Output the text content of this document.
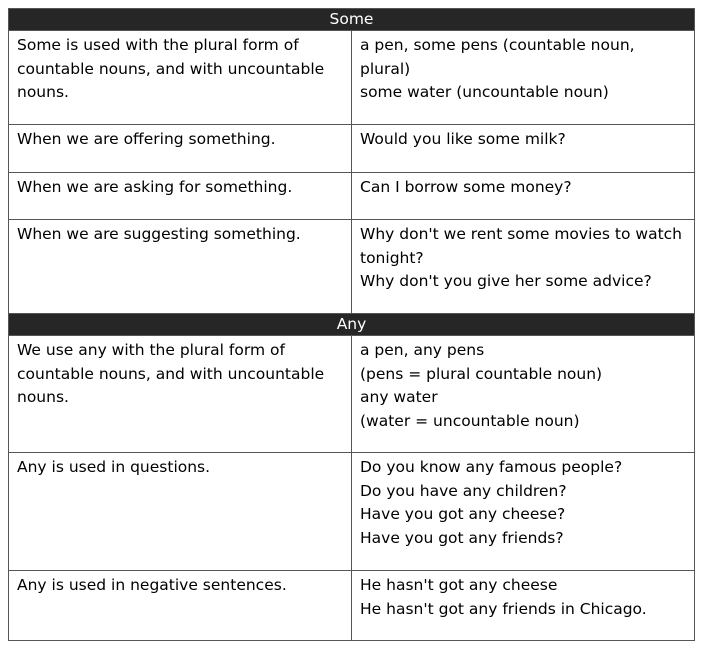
Some	

Some is used with the plural form of
countable nouns, and with uncountable
nouns.	a pen, some pens (countable noun,
plural)
some water (uncountable noun)

When we are offering something.	Would you like some milk?

When we are asking for something.	Can I borrow some money?

When we are suggesting something.	Why don't we rent some movies to watch
tonight?
Why don't you give her some advice?

Any	

We use any with the plural form of
countable nouns, and with uncountable
nouns.	a pen, any pens
(pens = plural countable noun)
any water
(water = uncountable noun)

Any is used in questions.	Do you know any famous people?
Do you have any children?
Have you got any cheese?
Have you got any friends?

Any is used in negative sentences.	He hasn't got any cheese
He hasn't got any friends in Chicago.
